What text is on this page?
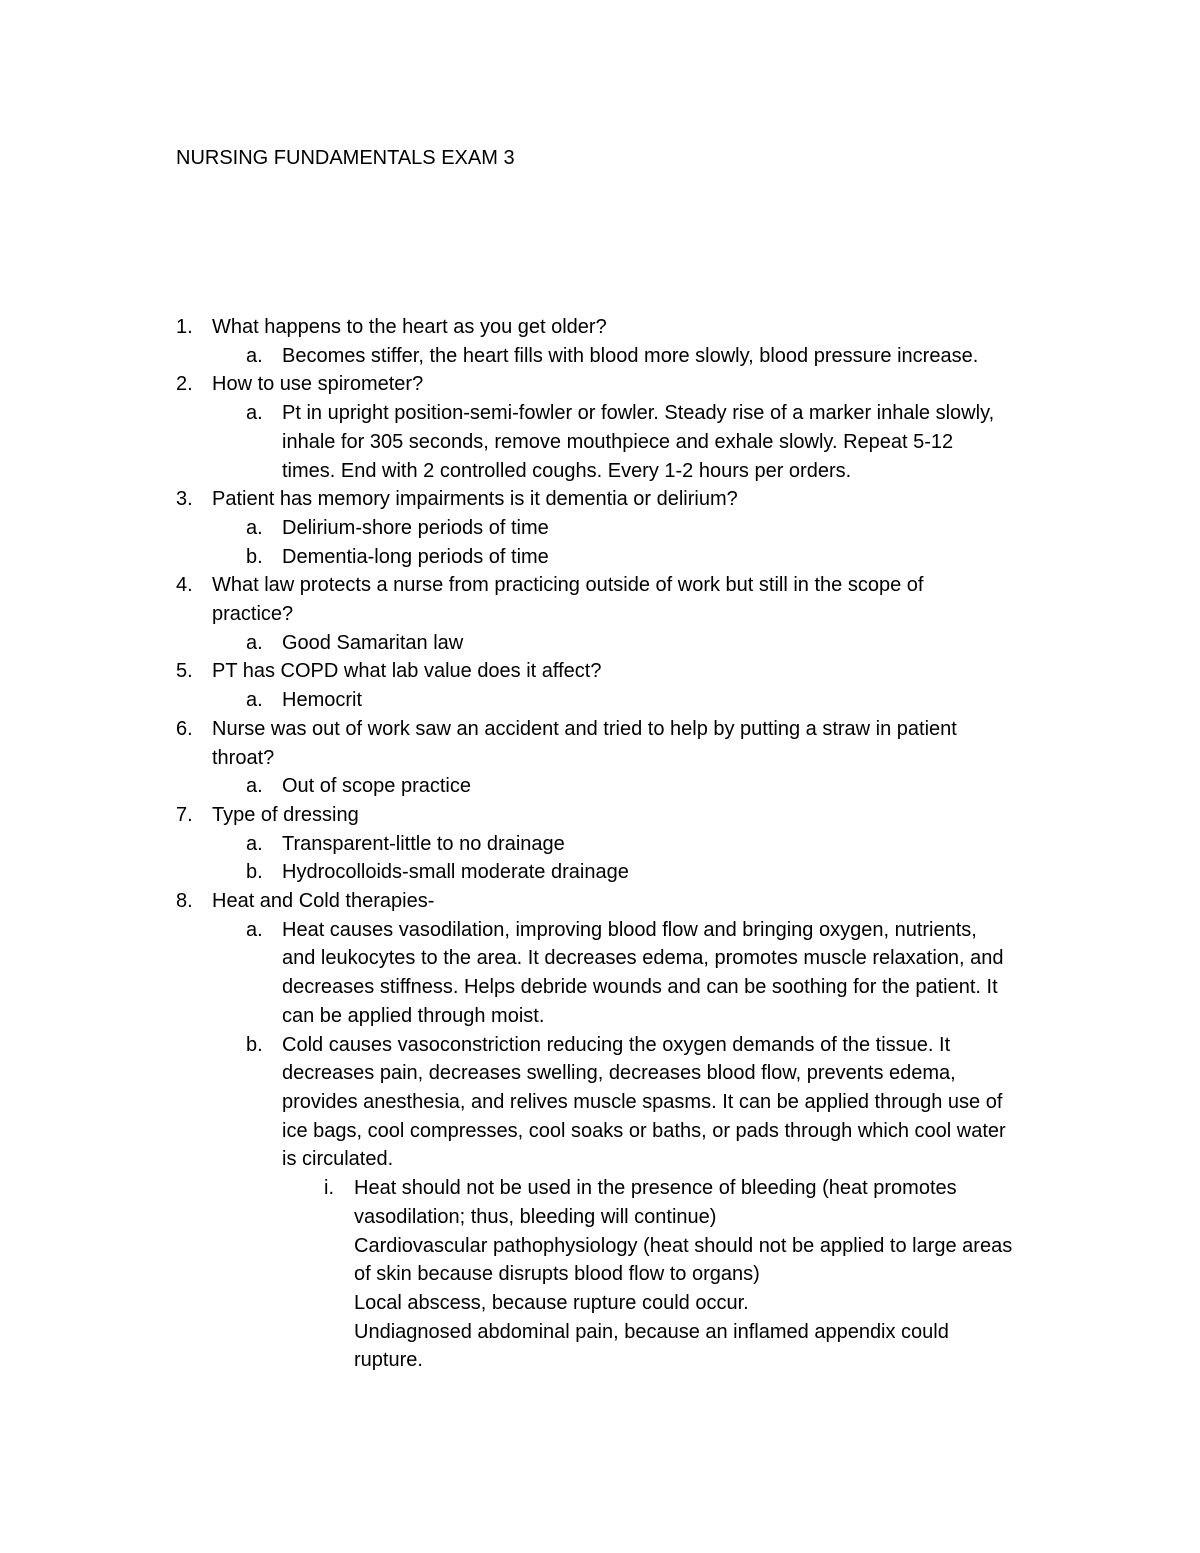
NURSING FUNDAMENTALS EXAM 3
1. What happens to the heart as you get older?
a. Becomes stiffer, the heart fills with blood more slowly, blood pressure increase.
2. How to use spirometer?
a. Pt in upright position-semi-fowler or fowler. Steady rise of a marker inhale slowly,
inhale for 305 seconds, remove mouthpiece and exhale slowly. Repeat 5-12
times. End with 2 controlled coughs. Every 1-2 hours per orders.
3. Patient has memory impairments is it dementia or delirium?
a. Delirium-shore periods of time
b. Dementia-long periods of time
4. What law protects a nurse from practicing outside of work but still in the scope of
practice?
a. Good Samaritan law
5. PT has COPD what lab value does it affect?
a. Hemocrit
6. Nurse was out of work saw an accident and tried to help by putting a straw in patient
throat?
a. Out of scope practice
7. Type of dressing
a. Transparent-little to no drainage
b. Hydrocolloids-small moderate drainage
8. Heat and Cold therapies-
a. Heat causes vasodilation, improving blood flow and bringing oxygen, nutrients,
and leukocytes to the area. It decreases edema, promotes muscle relaxation, and
decreases stiffness. Helps debride wounds and can be soothing for the patient. It
can be applied through moist.
b. Cold causes vasoconstriction reducing the oxygen demands of the tissue. It
decreases pain, decreases swelling, decreases blood flow, prevents edema,
provides anesthesia, and relives muscle spasms. It can be applied through use of
ice bags, cool compresses, cool soaks or baths, or pads through which cool water
is circulated.
i. Heat should not be used in the presence of bleeding (heat promotes
vasodilation; thus, bleeding will continue)
Cardiovascular pathophysiology (heat should not be applied to large areas
of skin because disrupts blood flow to organs)
Local abscess, because rupture could occur.
Undiagnosed abdominal pain, because an inflamed appendix could
rupture.
